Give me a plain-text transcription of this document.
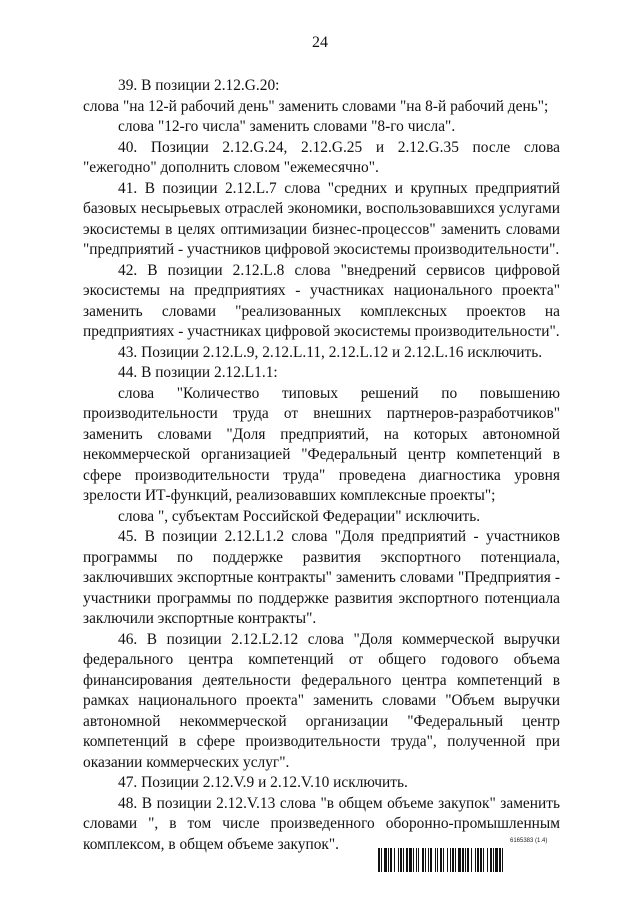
24

39. В позиции 2.12.G.20:

слова "на 12-й рабочий день" заменить словами "на 8-й рабочий день";

слова "12-го числа" заменить словами "8-го числа".

40. Позиции 2.12.G.24, 2.12.G.25 и 2.12.G.35 после слова "ежегодно" дополнить словом "ежемесячно".

41. В позиции 2.12.L.7 слова "средних и крупных предприятий базовых несырьевых отраслей экономики, воспользовавшихся услугами экосистемы в целях оптимизации бизнес-процессов" заменить словами "предприятий - участников цифровой экосистемы производительности".

42. В позиции 2.12.L.8 слова "внедрений сервисов цифровой экосистемы на предприятиях - участниках национального проекта" заменить словами "реализованных комплексных проектов на предприятиях - участниках цифровой экосистемы производительности".

43. Позиции 2.12.L.9, 2.12.L.11, 2.12.L.12 и 2.12.L.16 исключить.

44. В позиции 2.12.L1.1:

слова "Количество типовых решений по повышению производительности труда от внешних партнеров-разработчиков" заменить словами "Доля предприятий, на которых автономной некоммерческой организацией "Федеральный центр компетенций в сфере производительности труда" проведена диагностика уровня зрелости ИТ-функций, реализовавших комплексные проекты";

слова ", субъектам Российской Федерации" исключить.

45. В позиции 2.12.L1.2 слова "Доля предприятий - участников программы по поддержке развития экспортного потенциала, заключивших экспортные контракты" заменить словами "Предприятия - участники программы по поддержке развития экспортного потенциала заключили экспортные контракты".

46. В позиции 2.12.L2.12 слова "Доля коммерческой выручки федерального центра компетенций от общего годового объема финансирования деятельности федерального центра компетенций в рамках национального проекта" заменить словами "Объем выручки автономной некоммерческой организации "Федеральный центр компетенций в сфере производительности труда", полученной при оказании коммерческих услуг".

47. Позиции 2.12.V.9 и 2.12.V.10 исключить.

48. В позиции 2.12.V.13 слова "в общем объеме закупок" заменить словами ", в том числе произведенного оборонно-промышленным комплексом, в общем объеме закупок".	6165383 (1.4)
